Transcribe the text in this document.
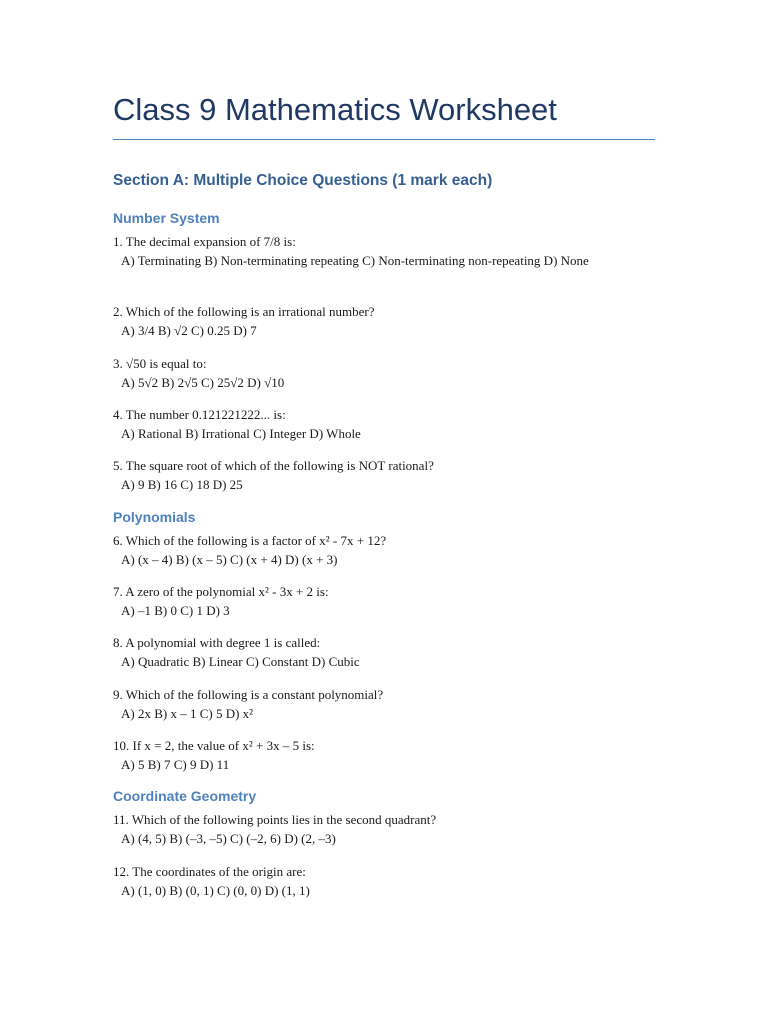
Class 9 Mathematics Worksheet
Section A: Multiple Choice Questions (1 mark each)
Number System
1. The decimal expansion of 7/8 is:
A) Terminating B) Non-terminating repeating C) Non-terminating non-repeating D) None
2. Which of the following is an irrational number?
A) 3/4 B) √2 C) 0.25 D) 7
3. √50 is equal to:
A) 5√2 B) 2√5 C) 25√2 D) √10
4. The number 0.121221222... is:
A) Rational B) Irrational C) Integer D) Whole
5. The square root of which of the following is NOT rational?
A) 9 B) 16 C) 18 D) 25
Polynomials
6. Which of the following is a factor of x² - 7x + 12?
A) (x – 4) B) (x – 5) C) (x + 4) D) (x + 3)
7. A zero of the polynomial x² - 3x + 2 is:
A) –1 B) 0 C) 1 D) 3
8. A polynomial with degree 1 is called:
A) Quadratic B) Linear C) Constant D) Cubic
9. Which of the following is a constant polynomial?
A) 2x B) x – 1 C) 5 D) x²
10. If x = 2, the value of x² + 3x – 5 is:
A) 5 B) 7 C) 9 D) 11
Coordinate Geometry
11. Which of the following points lies in the second quadrant?
A) (4, 5) B) (–3, –5) C) (–2, 6) D) (2, –3)
12. The coordinates of the origin are:
A) (1, 0) B) (0, 1) C) (0, 0) D) (1, 1)
